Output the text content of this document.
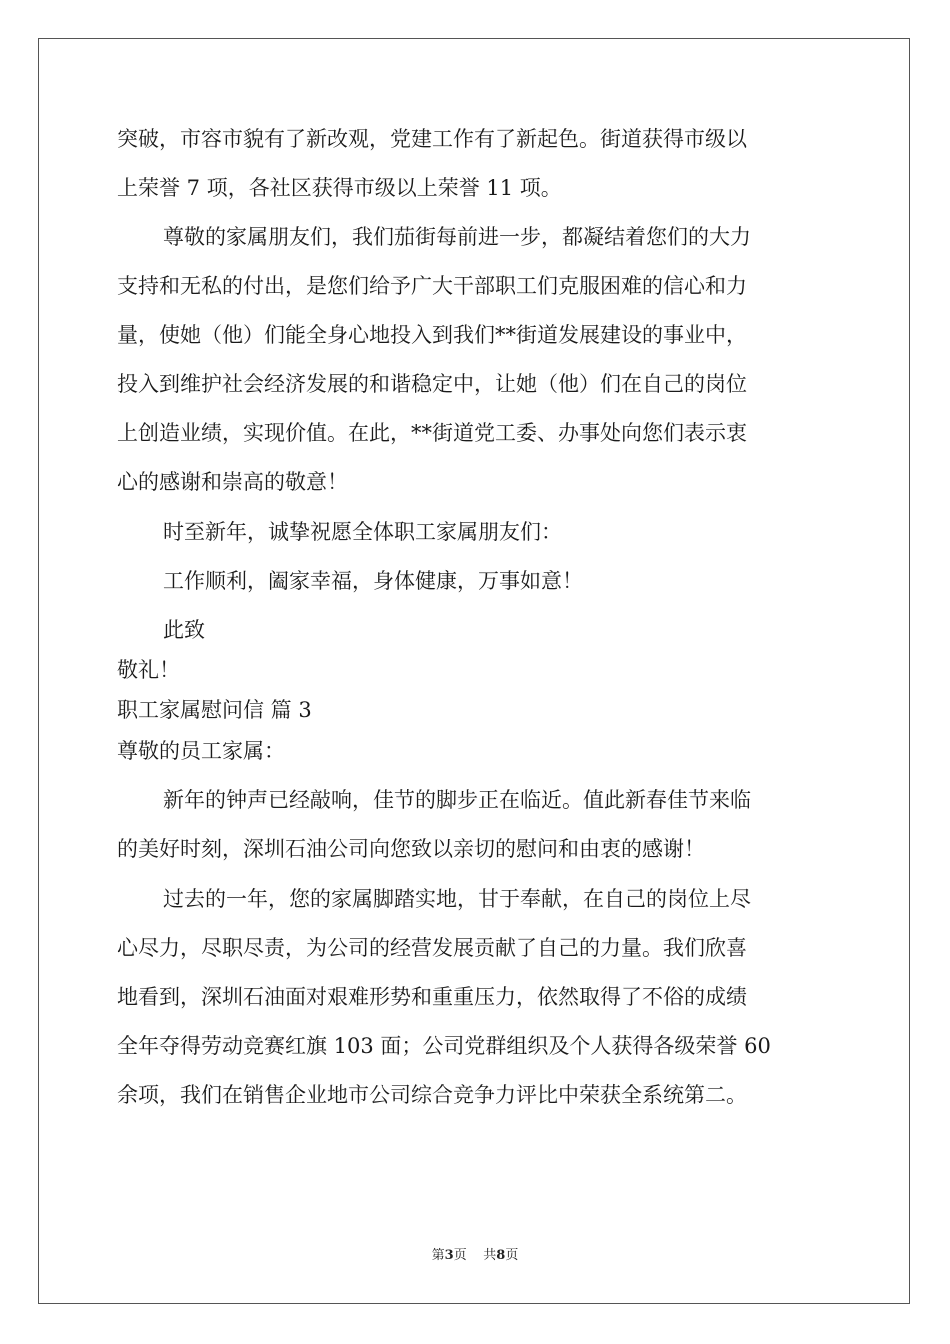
突破，市容市貌有了新改观，党建工作有了新起色。街道获得市级以
上荣誉 7 项，各社区获得市级以上荣誉 11 项。
尊敬的家属朋友们，我们茄街每前进一步，都凝结着您们的大力
支持和无私的付出，是您们给予广大干部职工们克服困难的信心和力
量，使她（他）们能全身心地投入到我们**街道发展建设的事业中，
投入到维护社会经济发展的和谐稳定中，让她（他）们在自己的岗位
上创造业绩，实现价值。在此，**街道党工委、办事处向您们表示衷
心的感谢和崇高的敬意！
时至新年，诚挚祝愿全体职工家属朋友们：
工作顺利，阖家幸福，身体健康，万事如意！
此致
敬礼！
职工家属慰问信 篇 3
尊敬的员工家属：
新年的钟声已经敲响，佳节的脚步正在临近。值此新春佳节来临
的美好时刻，深圳石油公司向您致以亲切的慰问和由衷的感谢！
过去的一年，您的家属脚踏实地，甘于奉献，在自己的岗位上尽
心尽力，尽职尽责，为公司的经营发展贡献了自己的力量。我们欣喜
地看到，深圳石油面对艰难形势和重重压力，依然取得了不俗的成绩
全年夺得劳动竞赛红旗 103 面；公司党群组织及个人获得各级荣誉 60
余项，我们在销售企业地市公司综合竞争力评比中荣获全系统第二。
第3页 共8页
